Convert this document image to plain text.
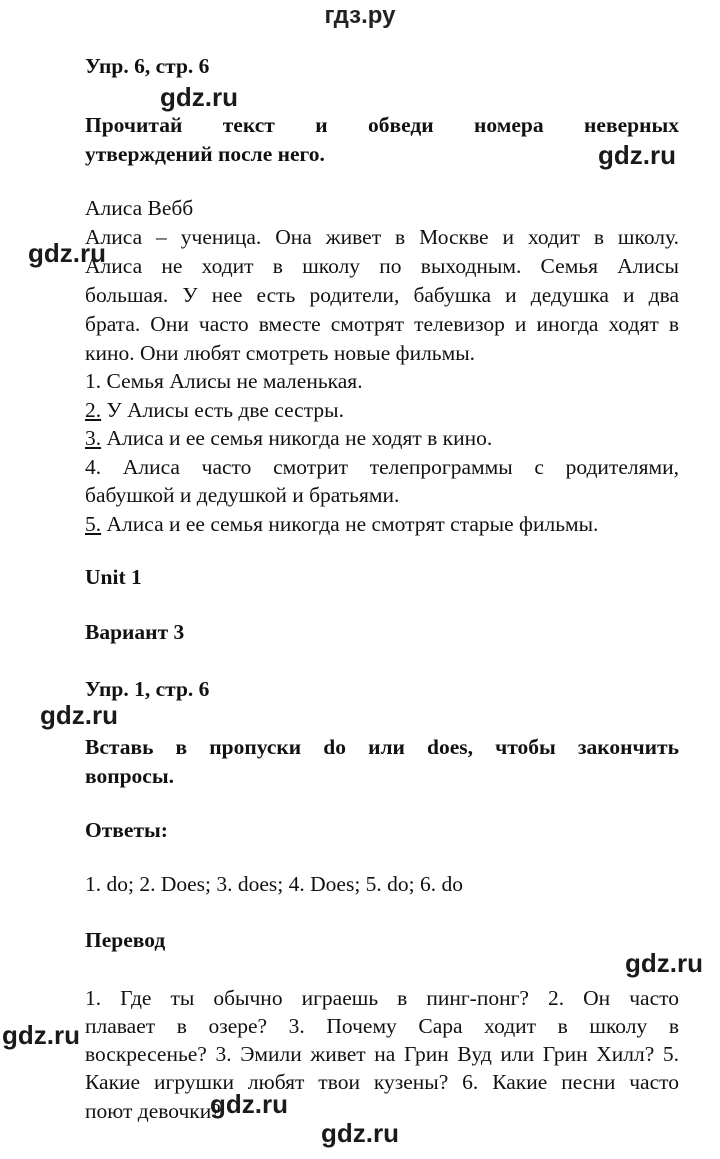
гдз.ру
Упр. 6, стр. 6
Прочитай текст и обведи номера неверных
утверждений после него.
Алиса Вебб
Алиса – ученица. Она живет в Москве и ходит в школу.
Алиса не ходит в школу по выходным. Семья Алисы
большая. У нее есть родители, бабушка и дедушка и два
брата. Они часто вместе смотрят телевизор и иногда ходят в
кино. Они любят смотреть новые фильмы.
1. Семья Алисы не маленькая.
2. У Алисы есть две сестры.
3. Алиса и ее семья никогда не ходят в кино.
4. Алиса часто смотрит телепрограммы с родителями,
бабушкой и дедушкой и братьями.
5. Алиса и ее семья никогда не смотрят старые фильмы.
Unit 1
Вариант 3
Упр. 1, стр. 6
Вставь в пропуски do или does, чтобы закончить
вопросы.
Ответы:
1. do; 2. Does; 3. does; 4. Does; 5. do; 6. do
Перевод
1. Где ты обычно играешь в пинг-понг? 2. Он часто
плавает в озере? 3. Почему Сара ходит в школу в
воскресенье? 3. Эмили живет на Грин Вуд или Грин Хилл? 5.
Какие игрушки любят твои кузены? 6. Какие песни часто
поют девочки?
gdz.ru
gdz.ru
gdz.ru
gdz.ru
gdz.ru
gdz.ru
gdz.ru
gdz.ru
